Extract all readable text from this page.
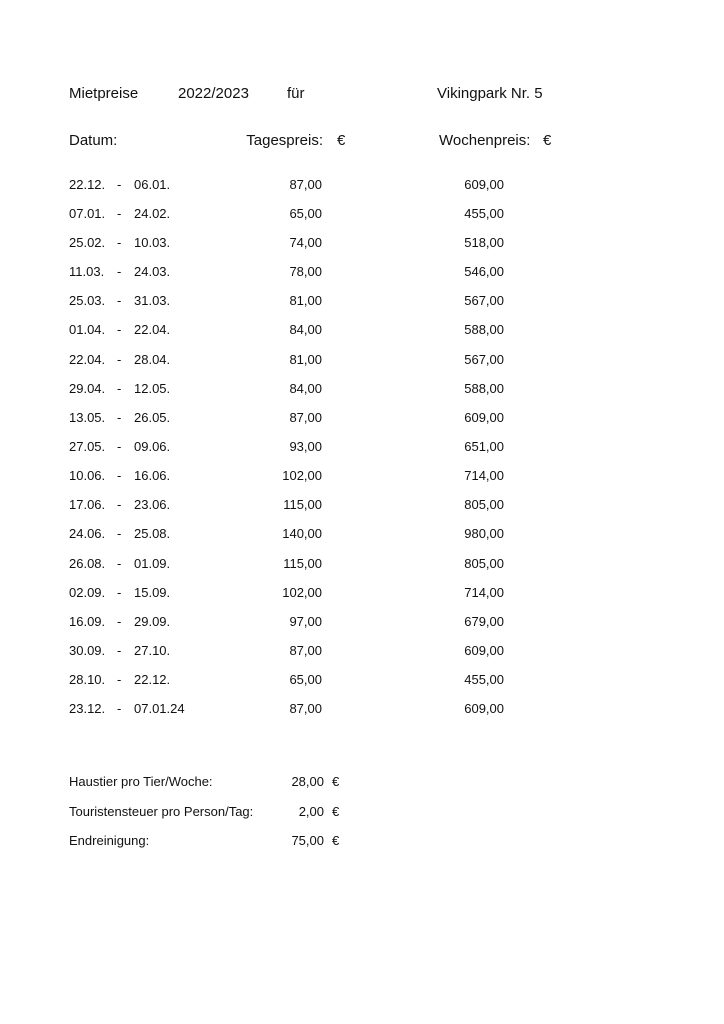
Mietpreise	2022/2023	für	Vikingpark Nr. 5
Datum:	Tagespreis: €	Wochenpreis: €
22.12. - 06.01.	87,00	609,00
07.01. - 24.02.	65,00	455,00
25.02. - 10.03.	74,00	518,00
11.03. - 24.03.	78,00	546,00
25.03. - 31.03.	81,00	567,00
01.04. - 22.04.	84,00	588,00
22.04. - 28.04.	81,00	567,00
29.04. - 12.05.	84,00	588,00
13.05. - 26.05.	87,00	609,00
27.05. - 09.06.	93,00	651,00
10.06. - 16.06.	102,00	714,00
17.06. - 23.06.	115,00	805,00
24.06. - 25.08.	140,00	980,00
26.08. - 01.09.	115,00	805,00
02.09. - 15.09.	102,00	714,00
16.09. - 29.09.	97,00	679,00
30.09. - 27.10.	87,00	609,00
28.10. - 22.12.	65,00	455,00
23.12. - 07.01.24	87,00	609,00
Haustier pro Tier/Woche:	28,00 €
Touristensteuer pro Person/Tag:	2,00 €
Endreinigung:	75,00 €
